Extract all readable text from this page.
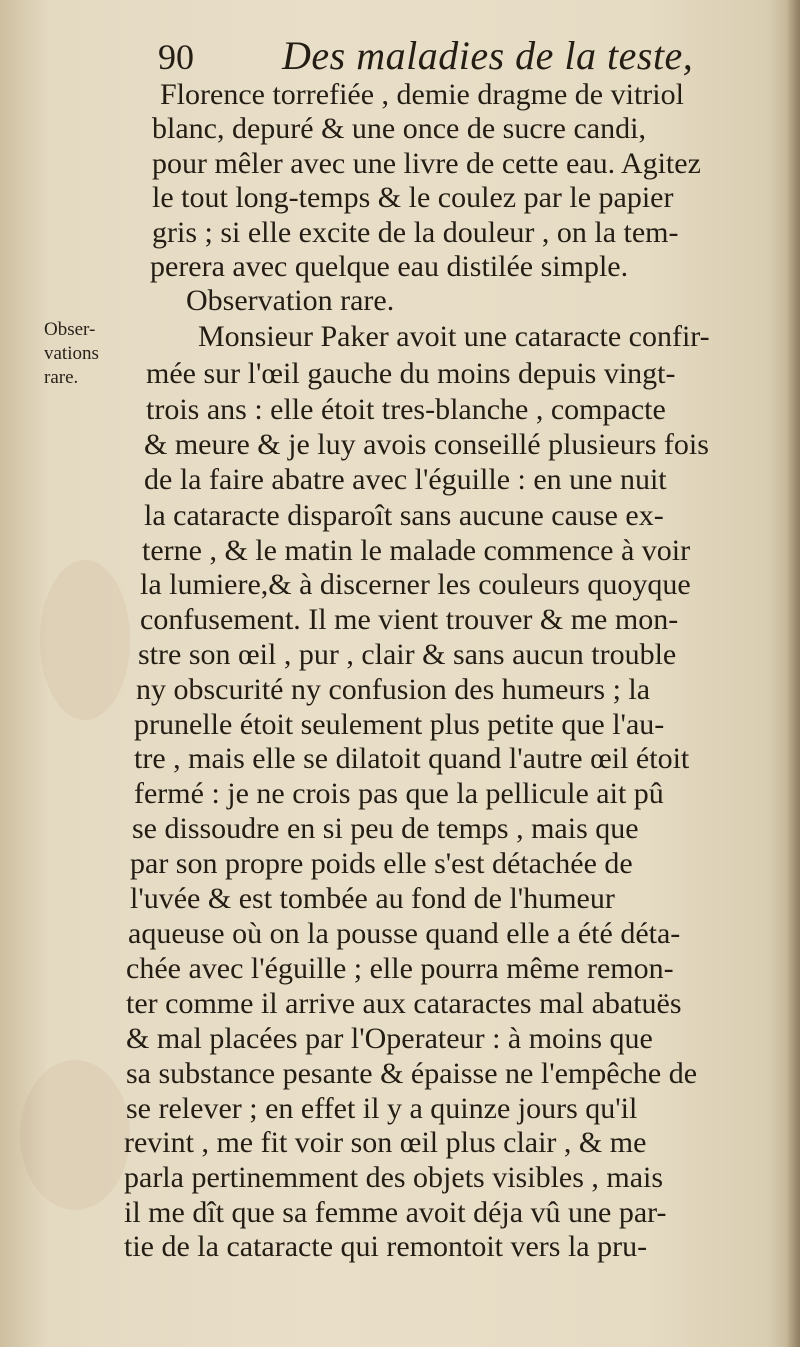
90 Des maladies de la teste,
Obser-
vations
rare.
Florence torrefiée , demie dragme de vitriol
blanc, depuré & une once de sucre candi,
pour mêler avec une livre de cette eau. Agitez
le tout long-temps & le coulez par le papier
gris ; si elle excite de la douleur , on la tem-
perera avec quelque eau distilée simple.
Observation rare.
Monsieur Paker avoit une cataracte confir-
mée sur l'œil gauche du moins depuis vingt-
trois ans : elle étoit tres-blanche , compacte
& meure & je luy avois conseillé plusieurs fois
de la faire abatre avec l'éguille : en une nuit
la cataracte disparoît sans aucune cause ex-
terne , & le matin le malade commence à voir
la lumiere,& à discerner les couleurs quoyque
confusement. Il me vient trouver & me mon-
stre son œil , pur , clair & sans aucun trouble
ny obscurité ny confusion des humeurs ; la
prunelle étoit seulement plus petite que l'au-
tre , mais elle se dilatoit quand l'autre œil étoit
fermé : je ne crois pas que la pellicule ait pû
se dissoudre en si peu de temps , mais que
par son propre poids elle s'est détachée de
l'uvée & est tombée au fond de l'humeur
aqueuse où on la pousse quand elle a été déta-
chée avec l'éguille ; elle pourra même remon-
ter comme il arrive aux cataractes mal abatuës
& mal placées par l'Operateur : à moins que
sa substance pesante & épaisse ne l'empêche de
se relever ; en effet il y a quinze jours qu'il
revint , me fit voir son œil plus clair , & me
parla pertinemment des objets visibles , mais
il me dît que sa femme avoit déja vû une par-
tie de la cataracte qui remontoit vers la pru-
